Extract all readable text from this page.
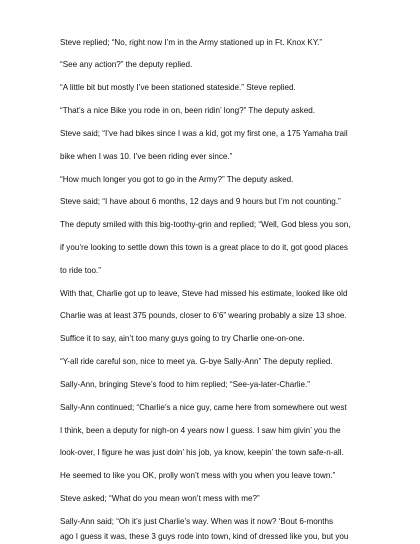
Steve replied; “No, right now I’m in the Army stationed up in Ft. Knox KY.”
“See any action?” the deputy replied.
“A little bit but mostly I’ve been stationed stateside.” Steve replied.
“That’s a nice Bike you rode in on, been ridin’ long?” The deputy asked.
Steve said; “I’ve had bikes since I was a kid, got my first one, a 175 Yamaha trail
bike when I was 10. I’ve been riding ever since.”
“How much longer you got to go in the Army?” The deputy asked.
Steve said; “I have about 6 months, 12 days and 9 hours but I’m not counting.”
The deputy smiled with this big-toothy-grin and replied; “Well, God bless you son,
if you’re looking to settle down this town is a great place to do it, got good places
to ride too.”
With that, Charlie got up to leave, Steve had missed his estimate, looked like old
Charlie was at least 375 pounds, closer to 6’6” wearing probably a size 13 shoe.
Suffice it to say, ain’t too many guys going to try Charlie one-on-one.
“Y-all ride careful son, nice to meet ya. G-bye Sally-Ann” The deputy replied.
Sally-Ann, bringing Steve’s food to him replied; “See-ya-later-Charlie.”
Sally-Ann continued; “Charlie’s a nice guy, came here from somewhere out west
I think, been a deputy for nigh-on 4 years now I guess. I saw him givin’ you the
look-over, I figure he was just doin’ his job, ya know, keepin’ the town safe-n-all.
He seemed to like you OK, prolly won’t mess with you when you leave town.”
Steve asked; “What do you mean won’t mess with me?”
Sally-Ann said; “Oh it’s just Charlie’s way. When was it now? ‘Bout 6-months
ago I guess it was, these 3 guys rode into town, kind of dressed like you, but you
